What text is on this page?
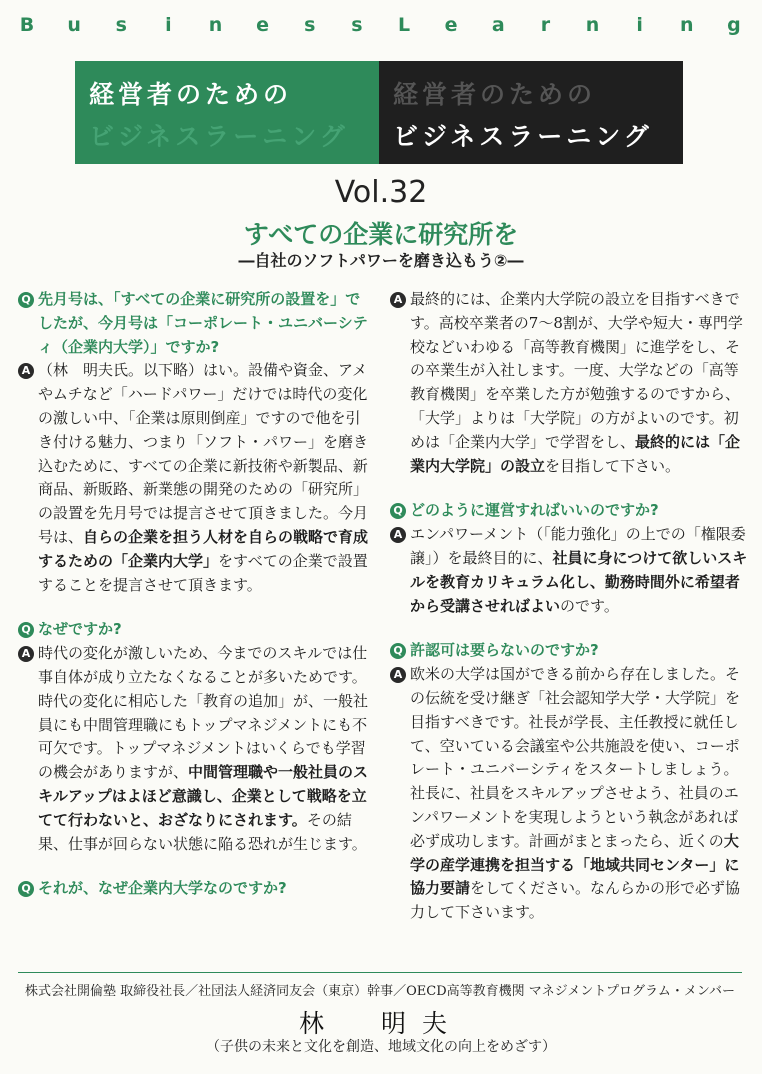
B u s	i	n e s s L e a r n	i	n g
経営者のための
ビジネスラーニング
経営者のための
ビジネスラーニング
Vol.32
すべての企業に研究所を
―自社のソフトパワーを磨き込もう②―
Q 先月号は、「すべての企業に研究所の設置を」でしたが、今月号は「コーポレート・ユニバーシティ（企業内大学）」ですか?
A （林　明夫氏。以下略）はい。設備や資金、アメやムチなど「ハードパワー」だけでは時代の変化の激しい中、「企業は原則倒産」ですので他を引き付ける魅力、つまり「ソフト・パワー」を磨き込むために、すべての企業に新技術や新製品、新商品、新販路、新業態の開発のための「研究所」の設置を先月号では提言させて頂きました。今月号は、自らの企業を担う人材を自らの戦略で育成するための「企業内大学」をすべての企業で設置することを提言させて頂きます。
Q なぜですか?
A 時代の変化が激しいため、今までのスキルでは仕事自体が成り立たなくなることが多いためです。時代の変化に相応した「教育の追加」が、一般社員にも中間管理職にもトップマネジメントにも不可欠です。トップマネジメントはいくらでも学習の機会がありますが、中間管理職や一般社員のスキルアップはよほど意識し、企業として戦略を立てて行わないと、おざなりにされます。その結果、仕事が回らない状態に陥る恐れが生じます。
Q それが、なぜ企業内大学なのですか?
A 最終的には、企業内大学院の設立を目指すべきです。高校卒業者の7〜8割が、大学や短大・専門学校などいわゆる「高等教育機関」に進学をし、その卒業生が入社します。一度、大学などの「高等教育機関」を卒業した方が勉強するのですから、「大学」よりは「大学院」の方がよいのです。初めは「企業内大学」で学習をし、最終的には「企業内大学院」の設立を目指して下さい。
Q どのように運営すればいいのですか?
A エンパワーメント（「能力強化」の上での「権限委譲」）を最終目的に、社員に身につけて欲しいスキルを教育カリキュラム化し、勤務時間外に希望者から受講させればよいのです。
Q 許認可は要らないのですか?
A 欧米の大学は国ができる前から存在しました。その伝統を受け継ぎ「社会認知学大学・大学院」を目指すべきです。社長が学長、主任教授に就任して、空いている会議室や公共施設を使い、コーポレート・ユニバーシティをスタートしましょう。社長に、社員をスキルアップさせよう、社員のエンパワーメントを実現しようという執念があれば必ず成功します。計画がまとまったら、近くの大学の産学連携を担当する「地域共同センター」に協力要請をしてください。なんらかの形で必ず協力して下さいます。
株式会社開倫塾 取締役社長／社団法人経済同友会（東京）幹事／OECD高等教育機関 マネジメントプログラム・メンバー
林　明夫
（子供の未来と文化を創造、地域文化の向上をめざす）
